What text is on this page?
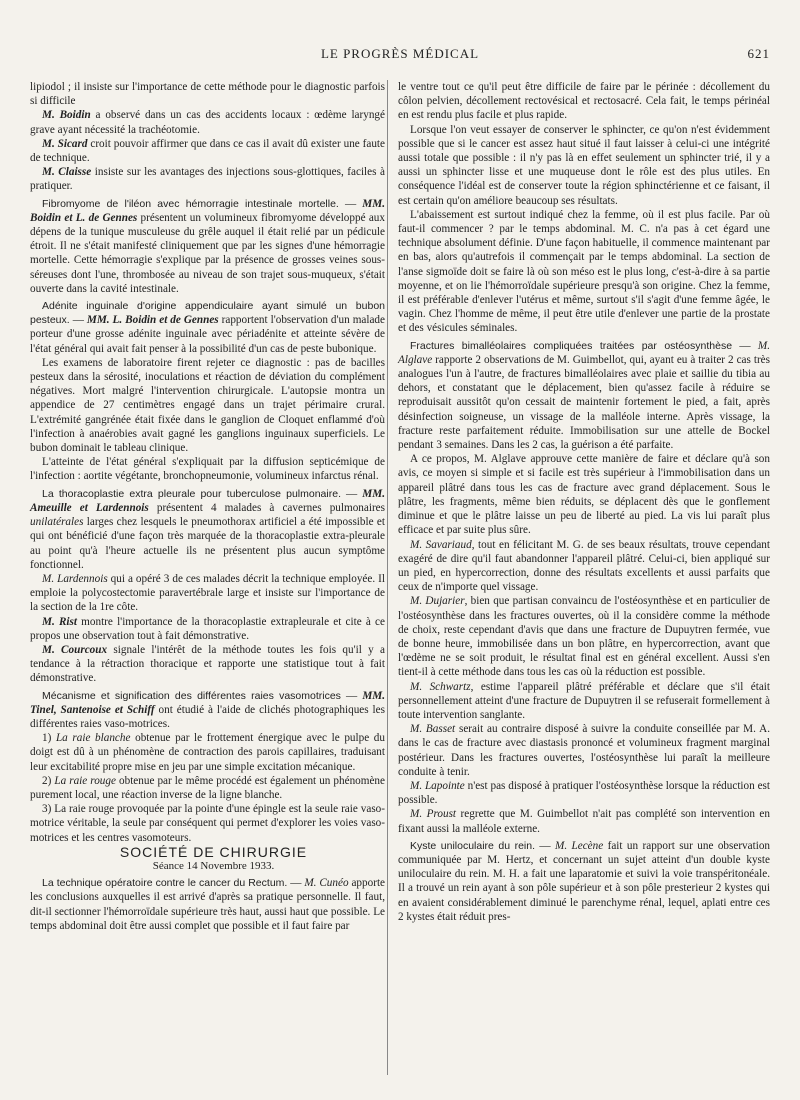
LE PROGRÈS MÉDICAL	621

lipiodol ; il insiste sur l'importance de cette méthode pour le diagnostic parfois si difficile

M. Boidin a observé dans un cas des accidents locaux : œdème laryngé grave ayant nécessité la trachéotomie.

M. Sicard croit pouvoir affirmer que dans ce cas il avait dû exister une faute de technique.

M. Claisse insiste sur les avantages des injections sous-glottiques, faciles à pratiquer.

Fibromyome de l'iléon avec hémorragie intestinale mortelle. — MM. Boidin et L. de Gennes présentent un volumineux fibromyome développé aux dépens de la tunique musculeuse du grêle auquel il était relié par un pédicule étroit. Il ne s'était manifesté cliniquement que par les signes d'une hémorragie mortelle. Cette hémorragie s'explique par la présence de grosses veines sous-séreuses dont l'une, thrombosée au niveau de son trajet sous-muqueux, s'était ouverte dans la cavité intestinale.

Adénite inguinale d'origine appendiculaire ayant simulé un bubon pesteux. — MM. L. Boidin et de Gennes rapportent l'observation d'un malade porteur d'une grosse adénite inguinale avec périadénite et atteinte sévère de l'état général qui avait fait penser à la possibilité d'un cas de peste bubonique.

Les examens de laboratoire firent rejeter ce diagnostic : pas de bacilles pesteux dans la sérosité, inoculations et réaction de déviation du complément négatives. Mort malgré l'intervention chirurgicale. L'autopsie montra un appendice de 27 centimètres engagé dans un trajet périmaire crural. L'extrémité gangrénée était fixée dans le ganglion de Cloquet enflammé d'où l'infection à anaérobies avait gagné les ganglions inguinaux superficiels. Le bubon dominait le tableau clinique.

L'atteinte de l'état général s'expliquait par la diffusion septicémique de l'infection : aortite végétante, bronchopneumonie, volumineux infarctus rénal.

La thoracoplastie extra pleurale pour tuberculose pulmonaire. — MM. Ameuille et Lardennois présentent 4 malades à cavernes pulmonaires unilatérales larges chez lesquels le pneumothorax artificiel a été impossible et qui ont bénéficié d'une façon très marquée de la thoracoplastie extra-pleurale au point qu'à l'heure actuelle ils ne présentent plus aucun symptôme fonctionnel.

M. Lardennois qui a opéré 3 de ces malades décrit la technique employée. Il emploie la polycostectomie paravertébrale large et insiste sur l'importance de la section de la 1re côte.

M. Rist montre l'importance de la thoracoplastie extrapleurale et cite à ce propos une observation tout à fait démonstrative.

M. Courcoux signale l'intérêt de la méthode toutes les fois qu'il y a tendance à la rétraction thoracique et rapporte une statistique tout à fait démonstrative.

Mécanisme et signification des différentes raies vasomotrices — MM. Tinel, Santenoise et Schiff ont étudié à l'aide de clichés photographiques les différentes raies vaso-motrices.

1) La raie blanche obtenue par le frottement énergique avec le pulpe du doigt est dû à un phénomène de contraction des parois capillaires, traduisant leur excitabilité propre mise en jeu par une simple excitation mécanique.

2) La raie rouge obtenue par le même procédé est également un phénomène purement local, une réaction inverse de la ligne blanche.

3) La raie rouge provoquée par la pointe d'une épingle est la seule raie vaso-motrice véritable, la seule par conséquent qui permet d'explorer les voies vaso-motrices et les centres vasomoteurs.

SOCIÉTÉ DE CHIRURGIE

Séance 14 Novembre 1933.

La technique opératoire contre le cancer du Rectum. — M. Cunéo apporte les conclusions auxquelles il est arrivé d'après sa pratique personnelle. Il faut, dit-il sectionner l'hémorroïdale supérieure très haut, aussi haut que possible. Le temps abdominal doit être aussi complet que possible et il faut faire par

le ventre tout ce qu'il peut être difficile de faire par le périnée : décollement du côlon pelvien, décollement rectovésical et rectosacré. Cela fait, le temps périnéal en est rendu plus facile et plus rapide.

Lorsque l'on veut essayer de conserver le sphincter, ce qu'on n'est évidemment possible que si le cancer est assez haut situé il faut laisser à celui-ci une intégrité aussi totale que possible : il n'y pas là en effet seulement un sphincter trié, il y a aussi un sphincter lisse et une muqueuse dont le rôle est des plus utiles. En conséquence l'idéal est de conserver toute la région sphinctérienne et ce faisant, il est certain qu'on améliore beaucoup ses résultats.

L'abaissement est surtout indiqué chez la femme, où il est plus facile. Par où faut-il commencer ? par le temps abdominal. M. C. n'a pas à cet égard une technique absolument définie. D'une façon habituelle, il commence maintenant par en bas, alors qu'autrefois il commençait par le temps abdominal. La section de l'anse sigmoïde doit se faire là où son méso est le plus long, c'est-à-dire à sa partie moyenne, et on lie l'hémorroïdale supérieure presqu'à son origine. Chez la femme, il est préférable d'enlever l'utérus et même, surtout s'il s'agit d'une femme âgée, le vagin. Chez l'homme de même, il peut être utile d'enlever une partie de la prostate et des vésicules séminales.

Fractures bimalléolaires compliquées traitées par ostéosynthèse — M. Alglave rapporte 2 observations de M. Guimbellot, qui, ayant eu à traiter 2 cas très analogues l'un à l'autre, de fractures bimalléolaires avec plaie et saillie du tibia au dehors, et constatant que le déplacement, bien qu'assez facile à réduire se reproduisait aussitôt qu'on cessait de maintenir fortement le pied, a fait, après désinfection soigneuse, un vissage de la malléole interne. Après vissage, la fracture reste parfaitement réduite. Immobilisation sur une attelle de Bockel pendant 3 semaines. Dans les 2 cas, la guérison a été parfaite.

A ce propos, M. Alglave approuve cette manière de faire et déclare qu'à son avis, ce moyen si simple et si facile est très supérieur à l'immobilisation dans un appareil plâtré dans tous les cas de fracture avec grand déplacement. Sous le plâtre, les fragments, même bien réduits, se déplacent dès que le gonflement diminue et que le plâtre laisse un peu de liberté au pied. La vis lui paraît plus efficace et par suite plus sûre.

M. Savariaud, tout en félicitant M. G. de ses beaux résultats, trouve cependant exagéré de dire qu'il faut abandonner l'appareil plâtré. Celui-ci, bien appliqué sur un pied, en hypercorrection, donne des résultats excellents et aussi parfaits que ceux de n'importe quel vissage.

M. Dujarier, bien que partisan convaincu de l'ostéosynthèse et en particulier de l'ostéosynthèse dans les fractures ouvertes, où il la considère comme la méthode de choix, reste cependant d'avis que dans une fracture de Dupuytren fermée, vue de bonne heure, immobilisée dans un bon plâtre, en hypercorrection, avant que l'œdème ne se soit produit, le résultat final est en général excellent. Aussi s'en tient-il à cette méthode dans tous les cas où la réduction est possible.

M. Schwartz, estime l'appareil plâtré préférable et déclare que s'il était personnellement atteint d'une fracture de Dupuytren il se refuserait formellement à toute intervention sanglante.

M. Basset serait au contraire disposé à suivre la conduite conseillée par M. A. dans le cas de fracture avec diastasis prononcé et volumineux fragment marginal postérieur. Dans les fractures ouvertes, l'ostéosynthèse lui paraît la meilleure conduite à tenir.

M. Lapointe n'est pas disposé à pratiquer l'ostéosynthèse lorsque la réduction est possible.

M. Proust regrette que M. Guimbellot n'ait pas complété son intervention en fixant aussi la malléole externe.

Kyste uniloculaire du rein. — M. Lecène fait un rapport sur une observation communiquée par M. Hertz, et concernant un sujet atteint d'un double kyste uniloculaire du rein. M. H. a fait une laparatomie et suivi la voie transpéritonéale. Il a trouvé un rein ayant à son pôle supérieur et à son pôle presterieur 2 kystes qui en avaient considérablement diminué le parenchyme rénal, lequel, aplati entre ces 2 kystes était réduit pres-
